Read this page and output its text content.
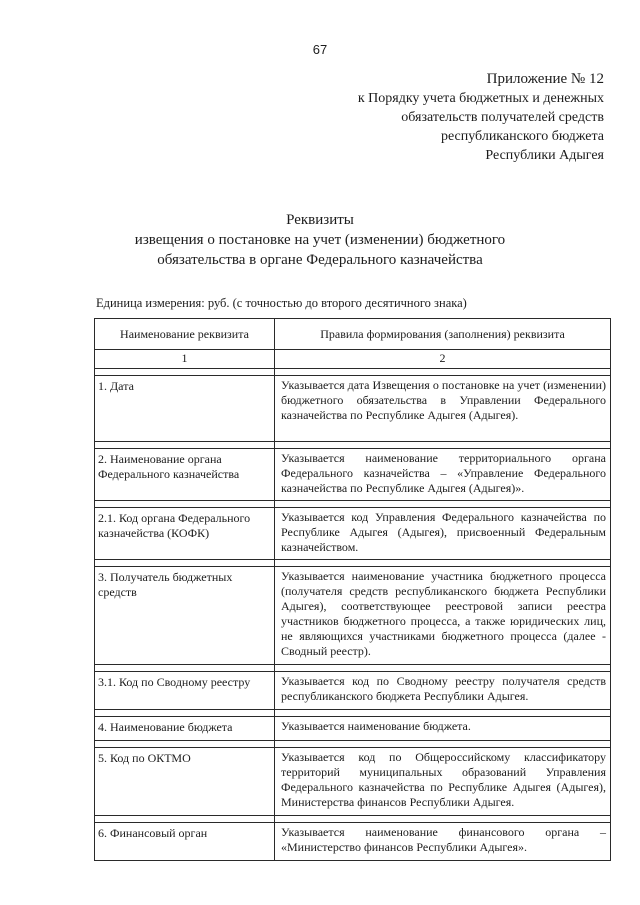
67
Приложение № 12
к Порядку учета бюджетных и денежных
обязательств получателей средств
республиканского бюджета
Республики Адыгея
Реквизиты
извещения о постановке на учет (изменении) бюджетного
обязательства в органе Федерального казначейства
Единица измерения: руб. (с точностью до второго десятичного знака)
Наименование реквизита	Правила формирования (заполнения) реквизита
1	2

1. Дата	Указывается дата Извещения о постановке на учет (изменении) бюджетного обязательства в Управлении Федерального казначейства по Республике Адыгея (Адыгея).

2. Наименование органа Федерального казначейства	Указывается наименование территориального органа Федерального казначейства – «Управление Федерального казначейства по Республике Адыгея (Адыгея)».

2.1. Код органа Федерального казначейства (КОФК)	Указывается код Управления Федерального казначейства по Республике Адыгея (Адыгея), присвоенный Федеральным казначейством.

3. Получатель бюджетных средств	Указывается наименование участника бюджетного процесса (получателя средств республиканского бюджета Республики Адыгея), соответствующее реестровой записи реестра участников бюджетного процесса, а также юридических лиц, не являющихся участниками бюджетного процесса (далее - Сводный реестр).

3.1. Код по Сводному реестру	Указывается код по Сводному реестру получателя средств республиканского бюджета Республики Адыгея.

4. Наименование бюджета	Указывается наименование бюджета.

5. Код по ОКТМО	Указывается код по Общероссийскому классификатору территорий муниципальных образований Управления Федерального казначейства по Республике Адыгея (Адыгея), Министерства финансов Республики Адыгея.

6. Финансовый орган	Указывается наименование финансового органа – «Министерство финансов Республики Адыгея».
